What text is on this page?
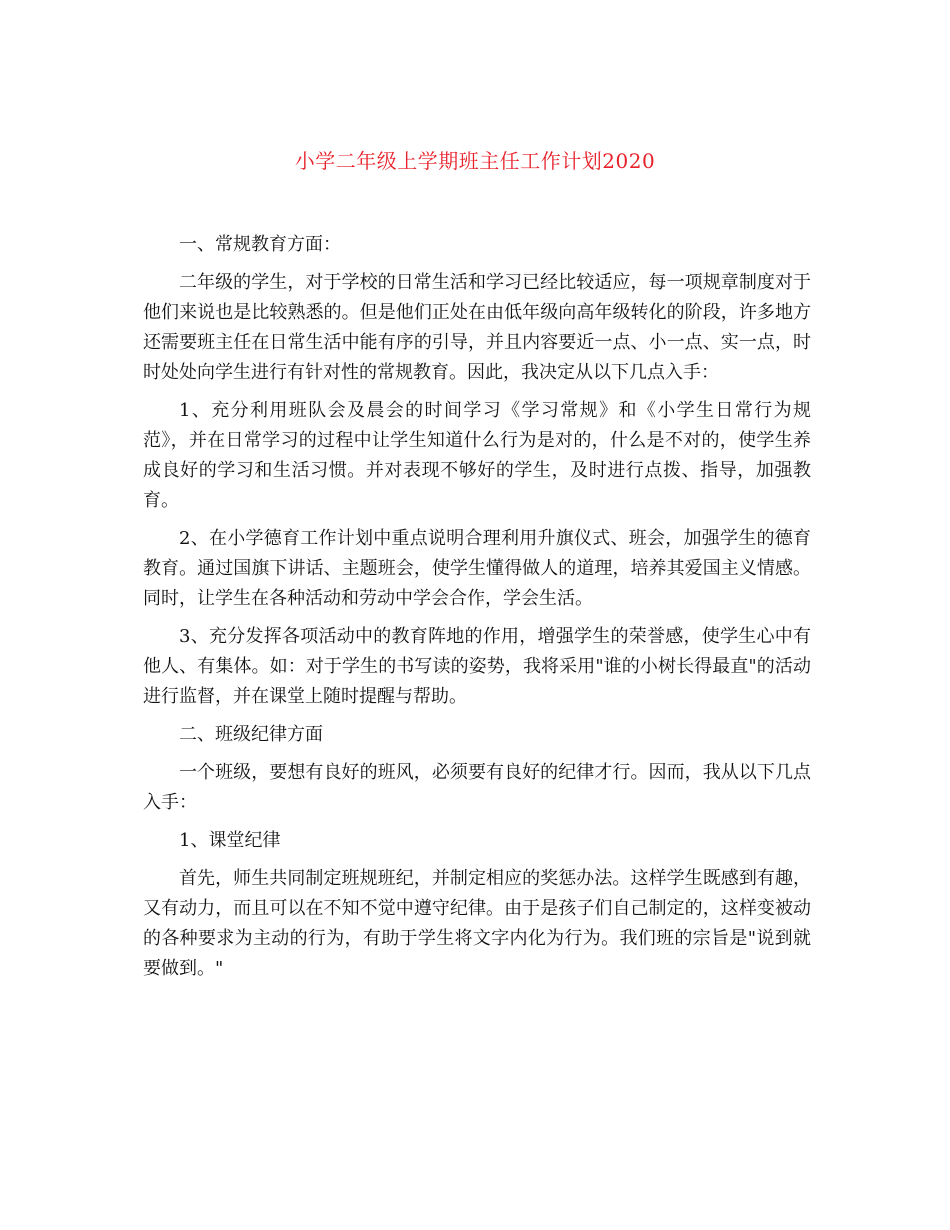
小学二年级上学期班主任工作计划2020

一、常规教育方面：

二年级的学生，对于学校的日常生活和学习已经比较适应，每一项规章制度对于他们来说也是比较熟悉的。但是他们正处在由低年级向高年级转化的阶段，许多地方还需要班主任在日常生活中能有序的引导，并且内容要近一点、小一点、实一点，时时处处向学生进行有针对性的常规教育。因此，我决定从以下几点入手：

1、充分利用班队会及晨会的时间学习《学习常规》和《小学生日常行为规范》，并在日常学习的过程中让学生知道什么行为是对的，什么是不对的，使学生养成良好的学习和生活习惯。并对表现不够好的学生，及时进行点拨、指导，加强教育。

2、在小学德育工作计划中重点说明合理利用升旗仪式、班会，加强学生的德育教育。通过国旗下讲话、主题班会，使学生懂得做人的道理，培养其爱国主义情感。同时，让学生在各种活动和劳动中学会合作，学会生活。

3、充分发挥各项活动中的教育阵地的作用，增强学生的荣誉感，使学生心中有他人、有集体。如：对于学生的书写读的姿势，我将采用"谁的小树长得最直"的活动进行监督，并在课堂上随时提醒与帮助。

二、班级纪律方面

一个班级，要想有良好的班风，必须要有良好的纪律才行。因而，我从以下几点入手：

1、课堂纪律

首先，师生共同制定班规班纪，并制定相应的奖惩办法。这样学生既感到有趣，又有动力，而且可以在不知不觉中遵守纪律。由于是孩子们自己制定的，这样变被动的各种要求为主动的行为，有助于学生将文字内化为行为。我们班的宗旨是"说到就要做到。"
